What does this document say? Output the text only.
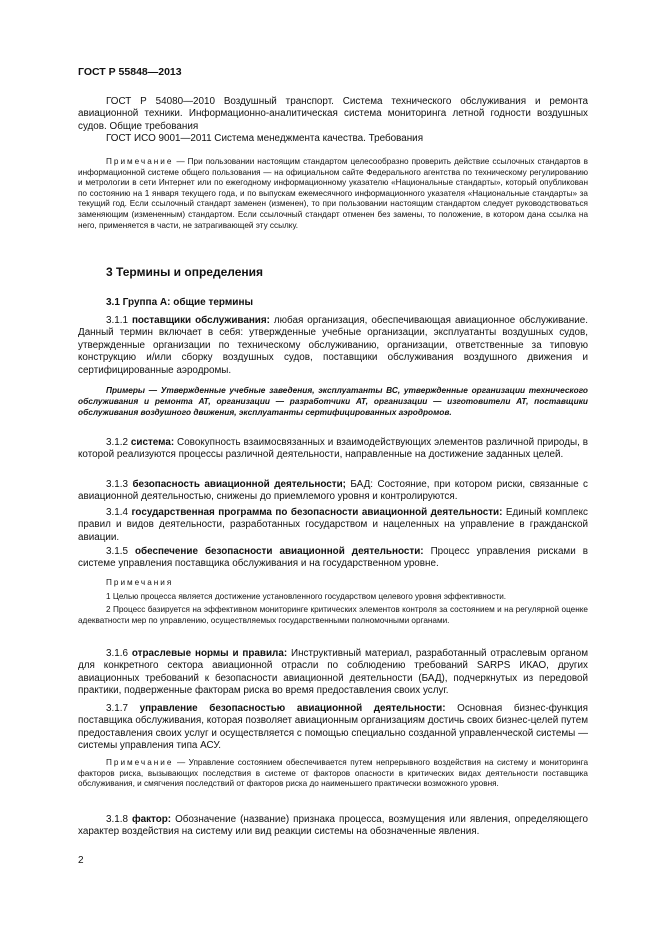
ГОСТ Р 55848—2013

ГОСТ Р 54080—2010 Воздушный транспорт. Система технического обслуживания и ремонта авиационной техники. Информационно-аналитическая система мониторинга летной годности воздушных судов. Общие требования

ГОСТ ИСО 9001—2011 Система менеджмента качества. Требования

Примечание — При пользовании настоящим стандартом целесообразно проверить действие ссылочных стандартов в информационной системе общего пользования — на официальном сайте Федерального агентства по техническому регулированию и метрологии в сети Интернет или по ежегодному информационному указателю «Национальные стандарты», который опубликован по состоянию на 1 января текущего года, и по выпускам ежемесячного информационного указателя «Национальные стандарты» за текущий год. Если ссылочный стандарт заменен (изменен), то при пользовании настоящим стандартом следует руководствоваться заменяющим (измененным) стандартом. Если ссылочный стандарт отменен без замены, то положение, в котором дана ссылка на него, применяется в части, не затрагивающей эту ссылку.

3 Термины и определения

3.1 Группа А: общие термины

3.1.1 поставщики обслуживания: любая организация, обеспечивающая авиационное обслуживание. Данный термин включает в себя: утвержденные учебные организации, эксплуатанты воздушных судов, утвержденные организации по техническому обслуживанию, организации, ответственные за типовую конструкцию и/или сборку воздушных судов, поставщики обслуживания воздушного движения и сертифицированные аэродромы.

Примеры — Утвержденные учебные заведения, эксплуатанты ВС, утвержденные организации технического обслуживания и ремонта АТ, организации — разработчики АТ, организации — изготовители АТ, поставщики обслуживания воздушного движения, эксплуатанты сертифицированных аэродромов.

3.1.2 система: Совокупность взаимосвязанных и взаимодействующих элементов различной природы, в которой реализуются процессы различной деятельности, направленные на достижение заданных целей.

3.1.3 безопасность авиационной деятельности; БАД: Состояние, при котором риски, связанные с авиационной деятельностью, снижены до приемлемого уровня и контролируются.

3.1.4 государственная программа по безопасности авиационной деятельности: Единый комплекс правил и видов деятельности, разработанных государством и нацеленных на управление в гражданской авиации.

3.1.5 обеспечение безопасности авиационной деятельности: Процесс управления рисками в системе управления поставщика обслуживания и на государственном уровне.

Примечания

1 Целью процесса является достижение установленного государством целевого уровня эффективности.

2 Процесс базируется на эффективном мониторинге критических элементов контроля за состоянием и на регулярной оценке адекватности мер по управлению, осуществляемых государственными полномочными органами.

3.1.6 отраслевые нормы и правила: Инструктивный материал, разработанный отраслевым органом для конкретного сектора авиационной отрасли по соблюдению требований SARPS ИКАО, других авиационных требований к безопасности авиационной деятельности (БАД), подчеркнутых из передовой практики, подверженные факторам риска во время предоставления своих услуг.

3.1.7 управление безопасностью авиационной деятельности: Основная бизнес-функция поставщика обслуживания, которая позволяет авиационным организациям достичь своих бизнес-целей путем предоставления своих услуг и осуществляется с помощью специально созданной управленческой системы — системы управления типа АСУ.

Примечание — Управление состоянием обеспечивается путем непрерывного воздействия на систему и мониторинга факторов риска, вызывающих последствия в системе от факторов опасности в критических видах деятельности поставщика обслуживания, и смягчения последствий от факторов риска до наименьшего практически возможного уровня.

3.1.8 фактор: Обозначение (название) признака процесса, возмущения или явления, определяющего характер воздействия на систему или вид реакции системы на обозначенные явления.

2
